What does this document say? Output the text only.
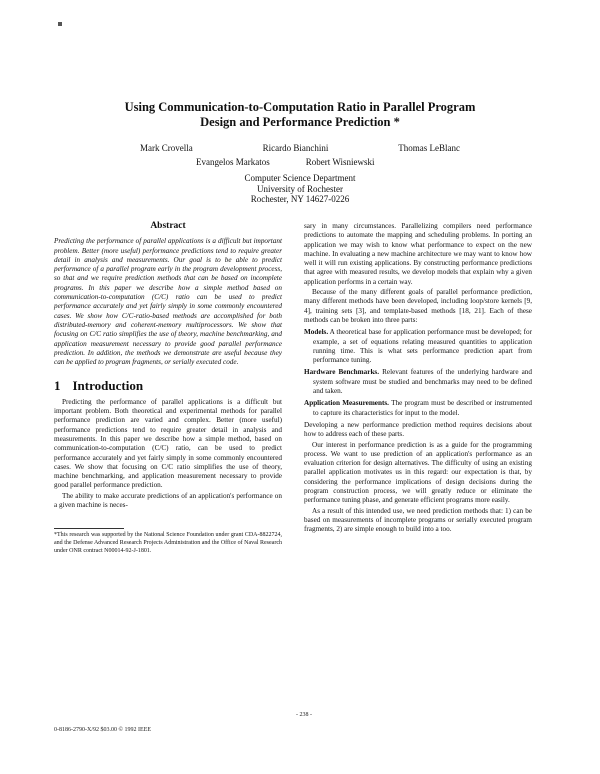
Using Communication-to-Computation Ratio in Parallel Program
Design and Performance Prediction *
Mark Crovella	Ricardo Bianchini	Thomas LeBlanc
Evangelos Markatos	Robert Wisniewski
Computer Science Department
University of Rochester
Rochester, NY 14627-0226

Abstract

Predicting the performance of parallel applications is a difficult but important problem. Better (more useful) performance predictions tend to require greater detail in analysis and measurements. Our goal is to be able to predict performance of a parallel program early in the program development process, so that and we require prediction methods that can be based on incomplete programs. In this paper we describe how a simple method based on communication-to-computation (C/C) ratio can be used to predict performance accurately and yet fairly simply in some commonly encountered cases. We show how C/C-ratio-based methods are accomplished for both distributed-memory and coherent-memory multiprocessors. We show that focusing on C/C ratio simplifies the use of theory, machine benchmarking, and application measurement necessary to provide good parallel performance prediction. In addition, the methods we demonstrate are useful because they can be applied to program fragments, or serially executed code.

1 Introduction

Predicting the performance of parallel applications is a difficult but important problem. Both theoretical and experimental methods for parallel performance prediction are varied and complex. Better (more useful) performance predictions tend to require greater detail in analysis and measurements. In this paper we describe how a simple method, based on communication-to-computation (C/C) ratio, can be used to predict performance accurately and yet fairly simply in some commonly encountered cases. We show that focusing on C/C ratio simplifies the use of theory, machine benchmarking, and application measurement necessary to provide good parallel performance prediction.

The ability to make accurate predictions of an application's performance on a given machine is neces-

*This research was supported by the National Science Foundation under grant CDA-8822724, and the Defense Advanced Research Projects Administration and the Office of Naval Research under ONR contract N00014-92-J-1801.

sary in many circumstances. Parallelizing compilers need performance predictions to automate the mapping and scheduling problems. In porting an application we may wish to know what performance to expect on the new machine. In evaluating a new machine architecture we may want to know how well it will run existing applications. By constructing performance predictions that agree with measured results, we develop models that explain why a given application performs in a certain way.

Because of the many different goals of parallel performance prediction, many different methods have been developed, including loop/store kernels [9, 4], training sets [3], and template-based methods [18, 21]. Each of these methods can be broken into three parts:

Models. A theoretical base for application performance must be developed; for example, a set of equations relating measured quantities to application running time. This is what sets performance prediction apart from performance tuning.
Hardware Benchmarks. Relevant features of the underlying hardware and system software must be studied and benchmarks may need to be defined and taken.
Application Measurements. The program must be described or instrumented to capture its characteristics for input to the model.

Developing a new performance prediction method requires decisions about how to address each of these parts.

Our interest in performance prediction is as a guide for the programming process. We want to use prediction of an application's performance as an evaluation criterion for design alternatives. The difficulty of using an existing parallel application motivates us in this regard: our expectation is that, by considering the performance implications of design decisions during the program construction process, we will greatly reduce or eliminate the performance tuning phase, and generate efficient programs more easily.

As a result of this intended use, we need prediction methods that: 1) can be based on measurements of incomplete programs or serially executed program fragments, 2) are simple enough to build into a too.

- 238 -
0-8186-2790-X/92 $03.00 © 1992 IEEE
